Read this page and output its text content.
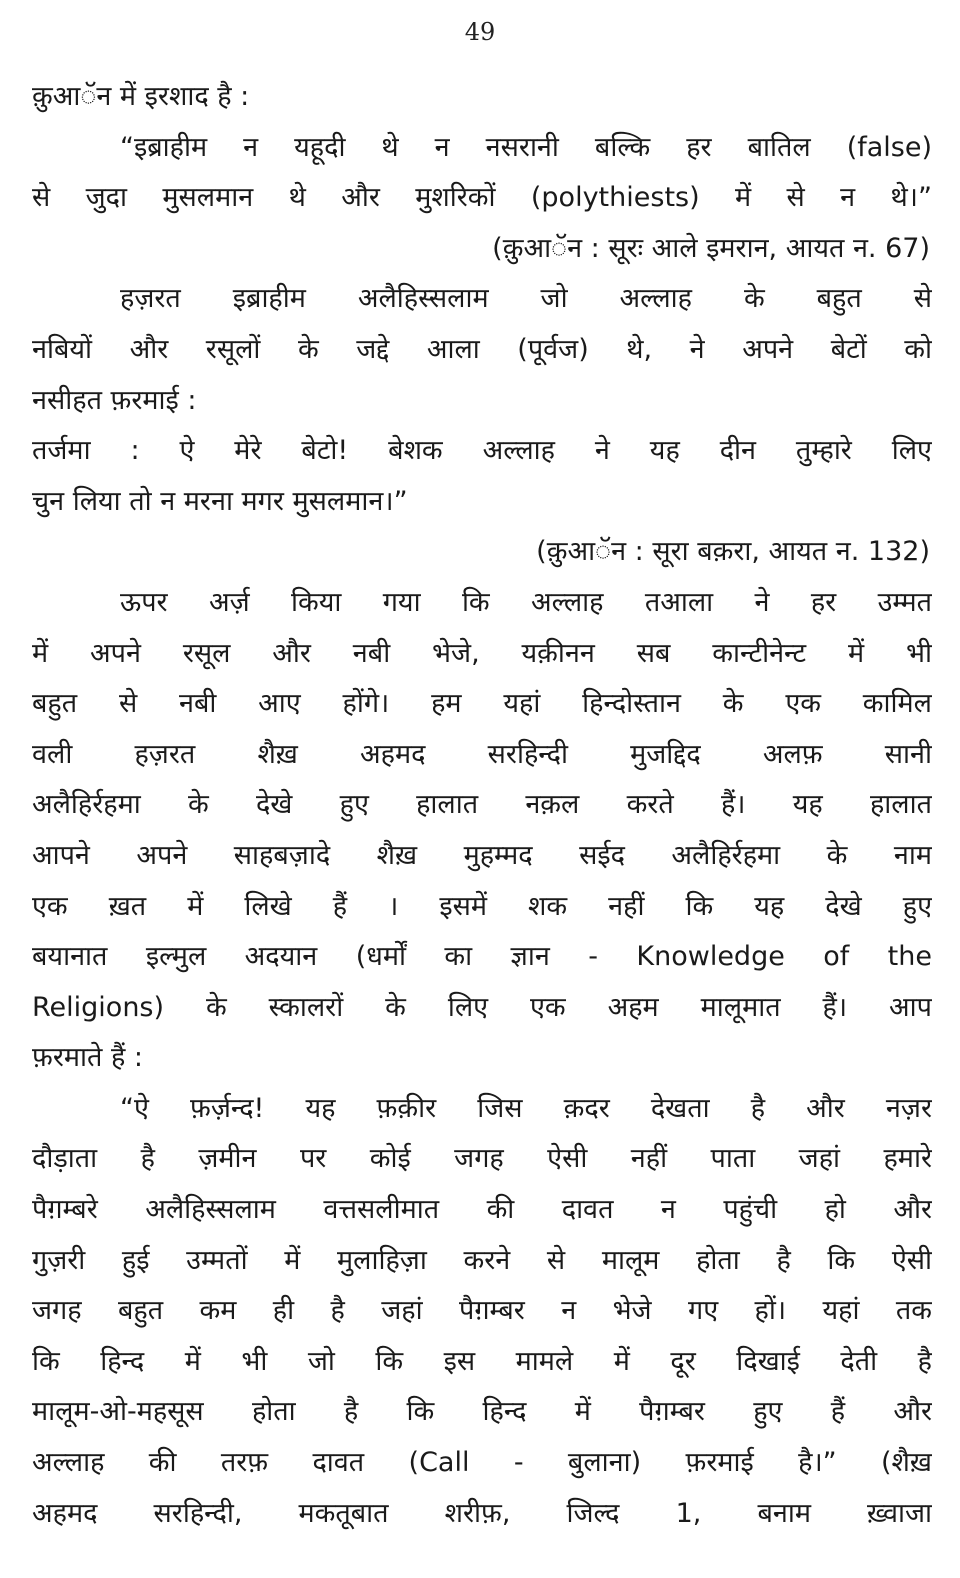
49
क़ुआॅन में इरशाद है :
“इब्राहीम न यहूदी थे न नसरानी बल्कि हर बातिल (false)
से जुदा मुसलमान थे और मुशरिकों (polythiests) में से न थे।”
(क़ुआॅन : सूरः आले इमरान, आयत न. 67)
हज़रत इब्राहीम अलैहिस्सलाम जो अल्लाह के बहुत से
नबियों और रसूलों के जद्दे आला (पूर्वज) थे, ने अपने बेटों को
नसीहत फ़रमाई :
तर्जमा : ऐ मेरे बेटो! बेशक अल्लाह ने यह दीन तुम्हारे लिए
चुन लिया तो न मरना मगर मुसलमान।”
(क़ुआॅन : सूरा बक़रा, आयत न. 132)
ऊपर अर्ज़ किया गया कि अल्लाह तआला ने हर उम्मत
में अपने रसूल और नबी भेजे, यक़ीनन सब कान्टीनेन्ट में भी
बहुत से नबी आए होंगे। हम यहां हिन्दोस्तान के एक कामिल
वली हज़रत शैख़ अहमद सरहिन्दी मुजद्दिद अलफ़ सानी
अलैहिर्रहमा के देखे हुए हालात नक़ल करते हैं। यह हालात
आपने अपने साहबज़ादे शैख़ मुहम्मद सईद अलैहिर्रहमा के नाम
एक ख़त में लिखे हैं । इसमें शक नहीं कि यह देखे हुए
बयानात इल्मुल अदयान (धर्मों का ज्ञान - Knowledge of the
Religions) के स्कालरों के लिए एक अहम मालूमात हैं। आप
फ़रमाते हैं :
“ऐ फ़र्ज़न्द! यह फ़क़ीर जिस क़दर देखता है और नज़र
दौड़ाता है ज़मीन पर कोई जगह ऐसी नहीं पाता जहां हमारे
पैग़म्बरे अलैहिस्सलाम वत्तसलीमात की दावत न पहुंची हो और
गुज़री हुई उम्मतों में मुलाहिज़ा करने से मालूम होता है कि ऐसी
जगह बहुत कम ही है जहां पैग़म्बर न भेजे गए हों। यहां तक
कि हिन्द में भी जो कि इस मामले में दूर दिखाई देती है
मालूम-ओ-महसूस होता है कि हिन्द में पैग़म्बर हुए हैं और
अल्लाह की तरफ़ दावत (Call - बुलाना) फ़रमाई है।” (शैख़
अहमद सरहिन्दी, मकतूबात शरीफ़, जिल्द 1, बनाम ख़्वाजा
